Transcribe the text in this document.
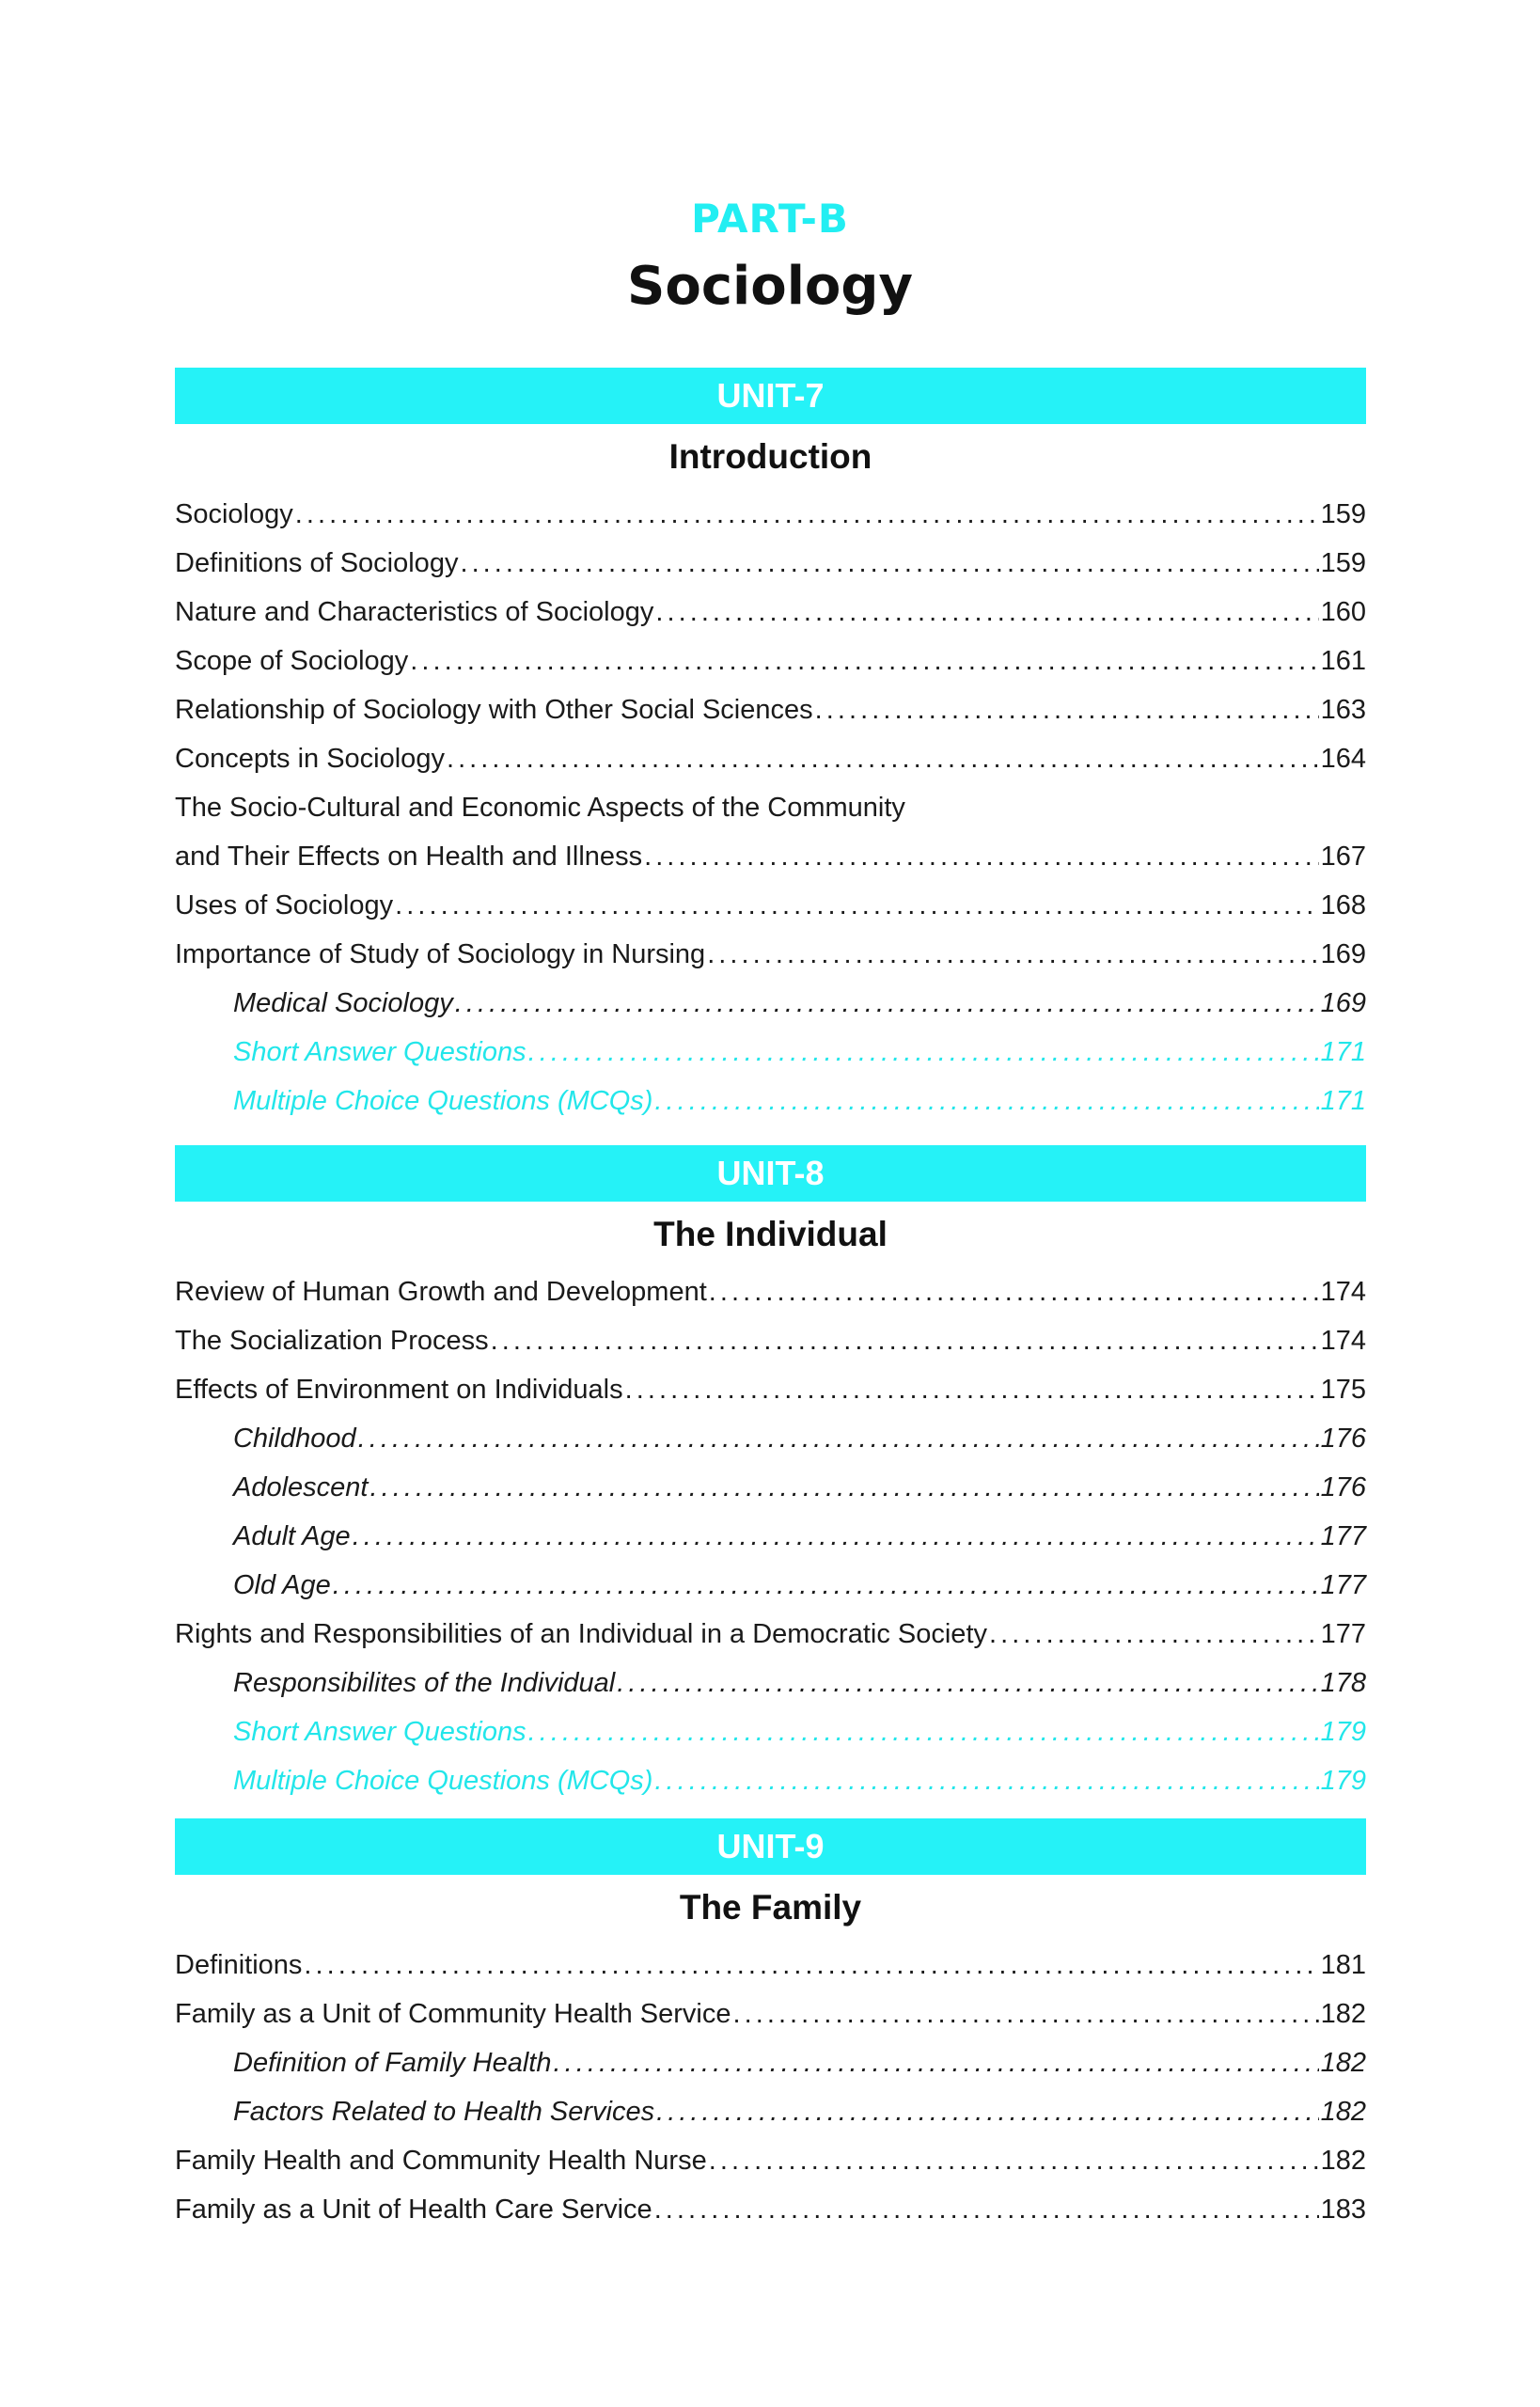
PART-B
Sociology
UNIT-7
Introduction
Sociology . . .	159
Definitions of Sociology . . .	159
Nature and Characteristics of Sociology . . .	160
Scope of Sociology . . .	161
Relationship of Sociology with Other Social Sciences . . .	163
Concepts in Sociology . . .	164
The Socio-Cultural and Economic Aspects of the Community
and Their Effects on Health and Illness . . .	167
Uses of Sociology . . .	168
Importance of Study of Sociology in Nursing . . .	169
Medical Sociology . . .	169
Short Answer Questions . . .	171
Multiple Choice Questions (MCQs) . . .	171
UNIT-8
The Individual
Review of Human Growth and Development . . .	174
The Socialization Process . . .	174
Effects of Environment on Individuals . . .	175
Childhood . . .	176
Adolescent . . .	176
Adult Age . . .	177
Old Age . . .	177
Rights and Responsibilities of an Individual in a Democratic Society . . .	177
Responsibilites of the Individual . . .	178
Short Answer Questions . . .	179
Multiple Choice Questions (MCQs) . . .	179
UNIT-9
The Family
Definitions . . .	181
Family as a Unit of Community Health Service . . .	182
Definition of Family Health . . .	182
Factors Related to Health Services . . .	182
Family Health and Community Health Nurse . . .	182
Family as a Unit of Health Care Service . . .	183
